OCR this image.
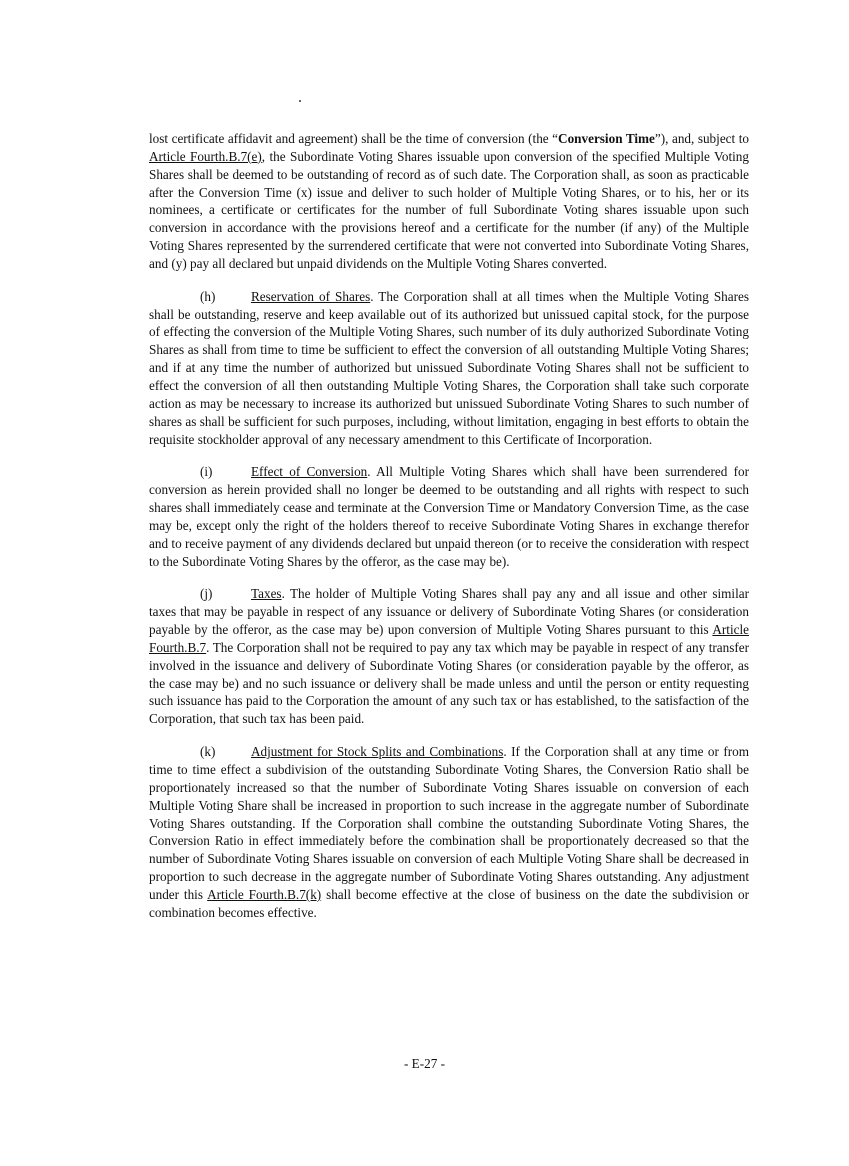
lost certificate affidavit and agreement) shall be the time of conversion (the “Conversion Time”), and, subject to Article Fourth.B.7(e), the Subordinate Voting Shares issuable upon conversion of the specified Multiple Voting Shares shall be deemed to be outstanding of record as of such date. The Corporation shall, as soon as practicable after the Conversion Time (x) issue and deliver to such holder of Multiple Voting Shares, or to his, her or its nominees, a certificate or certificates for the number of full Subordinate Voting shares issuable upon such conversion in accordance with the provisions hereof and a certificate for the number (if any) of the Multiple Voting Shares represented by the surrendered certificate that were not converted into Subordinate Voting Shares, and (y) pay all declared but unpaid dividends on the Multiple Voting Shares converted.

(h)	Reservation of Shares. The Corporation shall at all times when the Multiple Voting Shares shall be outstanding, reserve and keep available out of its authorized but unissued capital stock, for the purpose of effecting the conversion of the Multiple Voting Shares, such number of its duly authorized Subordinate Voting Shares as shall from time to time be sufficient to effect the conversion of all outstanding Multiple Voting Shares; and if at any time the number of authorized but unissued Subordinate Voting Shares shall not be sufficient to effect the conversion of all then outstanding Multiple Voting Shares, the Corporation shall take such corporate action as may be necessary to increase its authorized but unissued Subordinate Voting Shares to such number of shares as shall be sufficient for such purposes, including, without limitation, engaging in best efforts to obtain the requisite stockholder approval of any necessary amendment to this Certificate of Incorporation.

(i)	Effect of Conversion. All Multiple Voting Shares which shall have been surrendered for conversion as herein provided shall no longer be deemed to be outstanding and all rights with respect to such shares shall immediately cease and terminate at the Conversion Time or Mandatory Conversion Time, as the case may be, except only the right of the holders thereof to receive Subordinate Voting Shares in exchange therefor and to receive payment of any dividends declared but unpaid thereon (or to receive the consideration with respect to the Subordinate Voting Shares by the offeror, as the case may be).

(j)	Taxes. The holder of Multiple Voting Shares shall pay any and all issue and other similar taxes that may be payable in respect of any issuance or delivery of Subordinate Voting Shares (or consideration payable by the offeror, as the case may be) upon conversion of Multiple Voting Shares pursuant to this Article Fourth.B.7. The Corporation shall not be required to pay any tax which may be payable in respect of any transfer involved in the issuance and delivery of Subordinate Voting Shares (or consideration payable by the offeror, as the case may be) and no such issuance or delivery shall be made unless and until the person or entity requesting such issuance has paid to the Corporation the amount of any such tax or has established, to the satisfaction of the Corporation, that such tax has been paid.

(k)	Adjustment for Stock Splits and Combinations. If the Corporation shall at any time or from time to time effect a subdivision of the outstanding Subordinate Voting Shares, the Conversion Ratio shall be proportionately increased so that the number of Subordinate Voting Shares issuable on conversion of each Multiple Voting Share shall be increased in proportion to such increase in the aggregate number of Subordinate Voting Shares outstanding. If the Corporation shall combine the outstanding Subordinate Voting Shares, the Conversion Ratio in effect immediately before the combination shall be proportionately decreased so that the number of Subordinate Voting Shares issuable on conversion of each Multiple Voting Share shall be decreased in proportion to such decrease in the aggregate number of Subordinate Voting Shares outstanding. Any adjustment under this Article Fourth.B.7(k) shall become effective at the close of business on the date the subdivision or combination becomes effective.

- E-27 -
